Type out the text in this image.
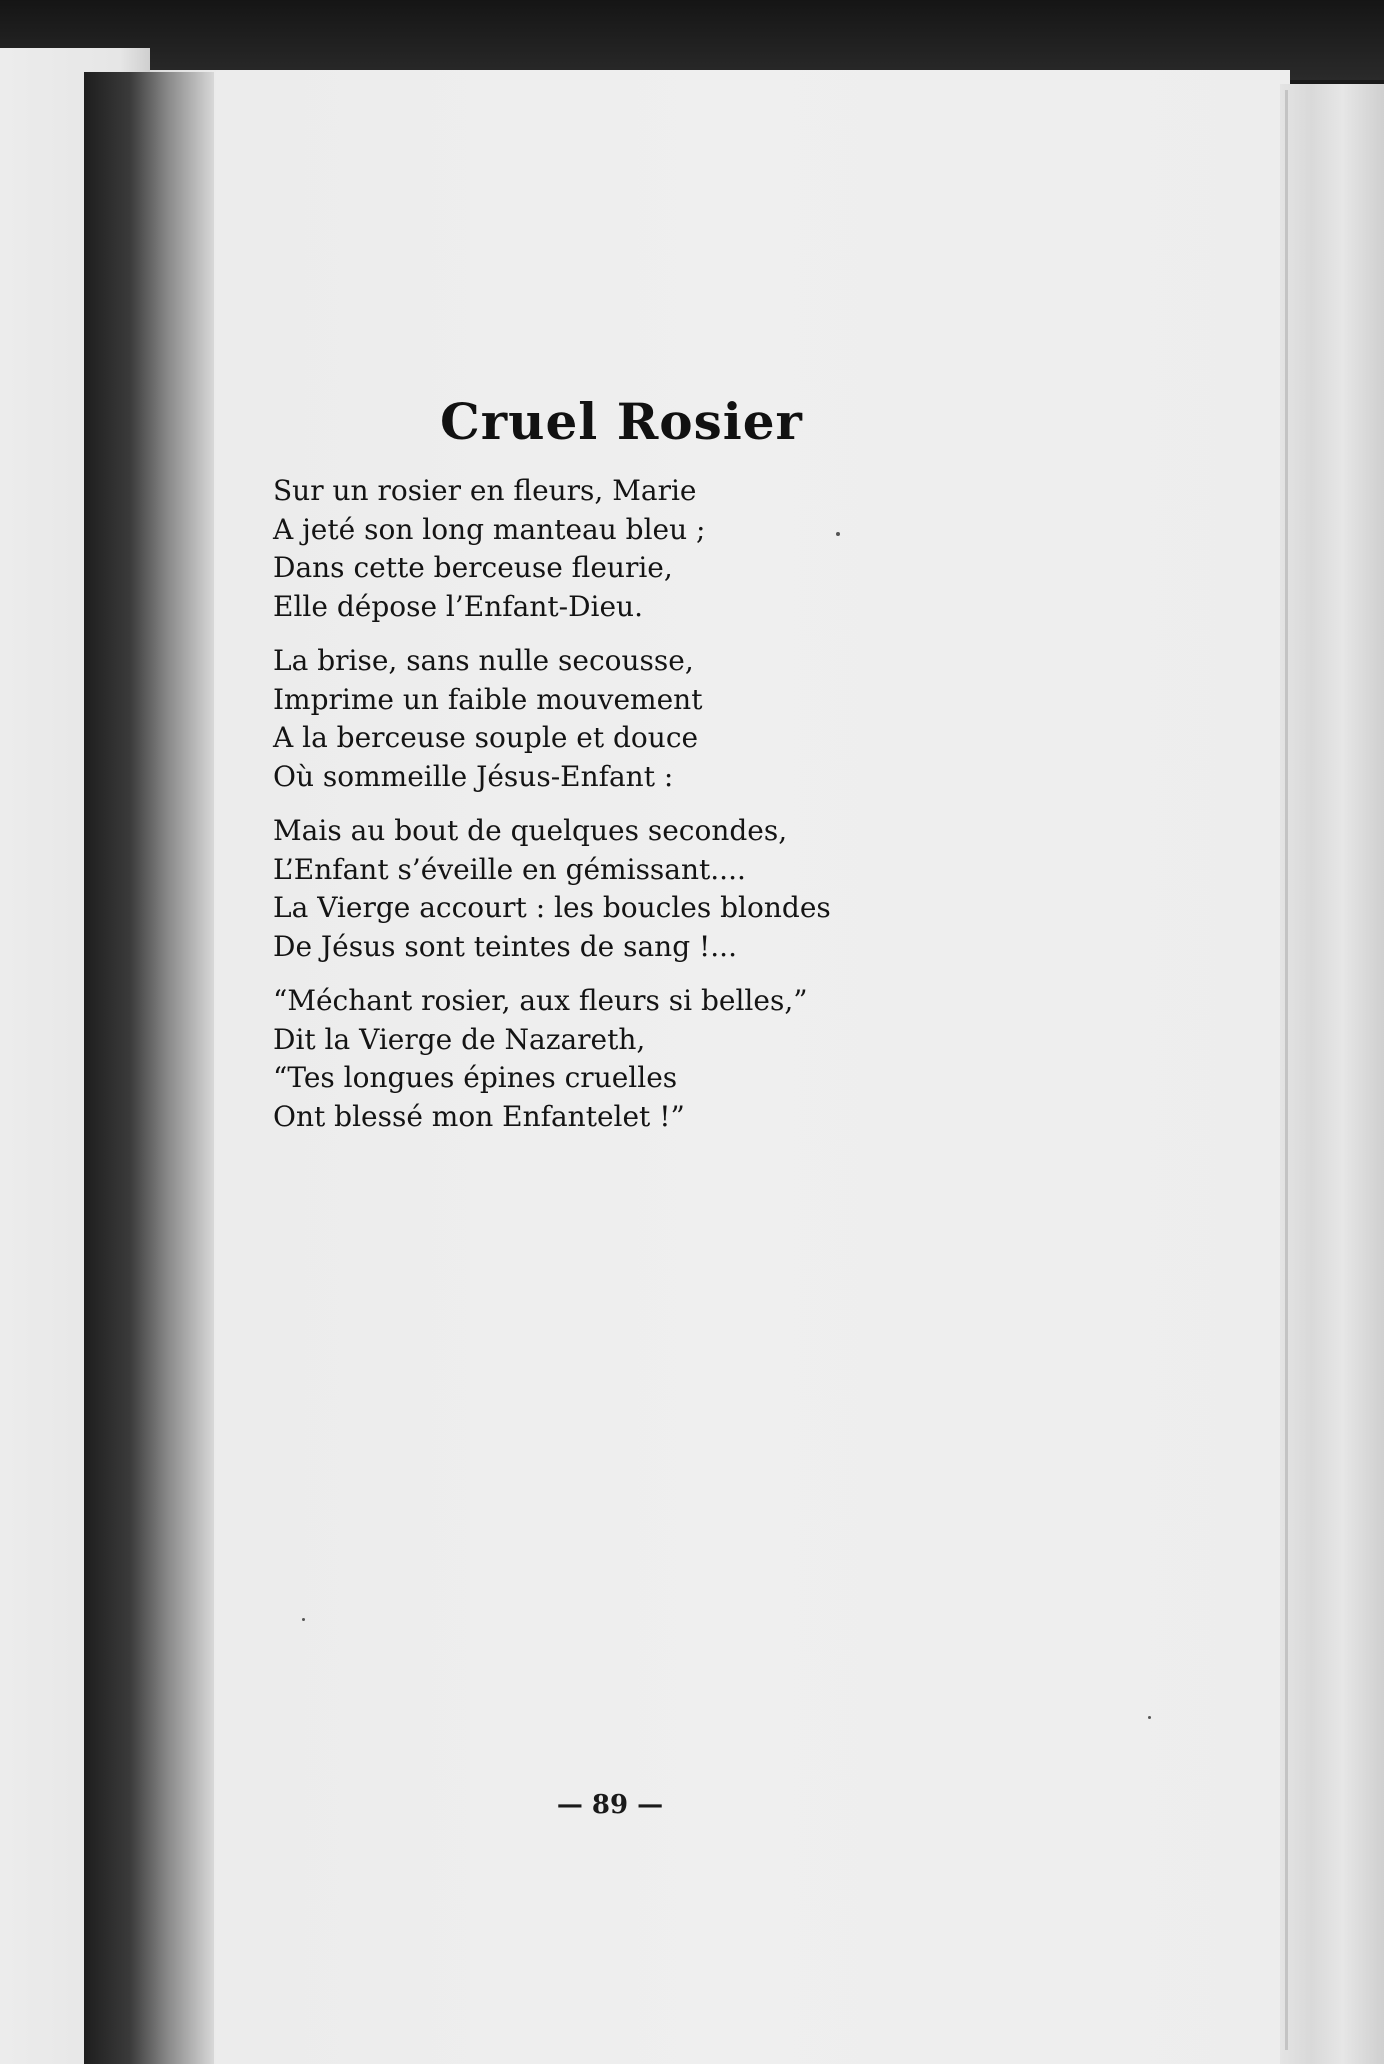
Cruel Rosier
Sur un rosier en fleurs, Marie
A jeté son long manteau bleu ;
Dans cette berceuse fleurie,
Elle dépose l’Enfant-Dieu.
La brise, sans nulle secousse,
Imprime un faible mouvement
A la berceuse souple et douce
Où sommeille Jésus-Enfant :
Mais au bout de quelques secondes,
L’Enfant s’éveille en gémissant....
La Vierge accourt : les boucles blondes
De Jésus sont teintes de sang !...
“Méchant rosier, aux fleurs si belles,”
Dit la Vierge de Nazareth,
“Tes longues épines cruelles
Ont blessé mon Enfantelet !”
— 89 —
